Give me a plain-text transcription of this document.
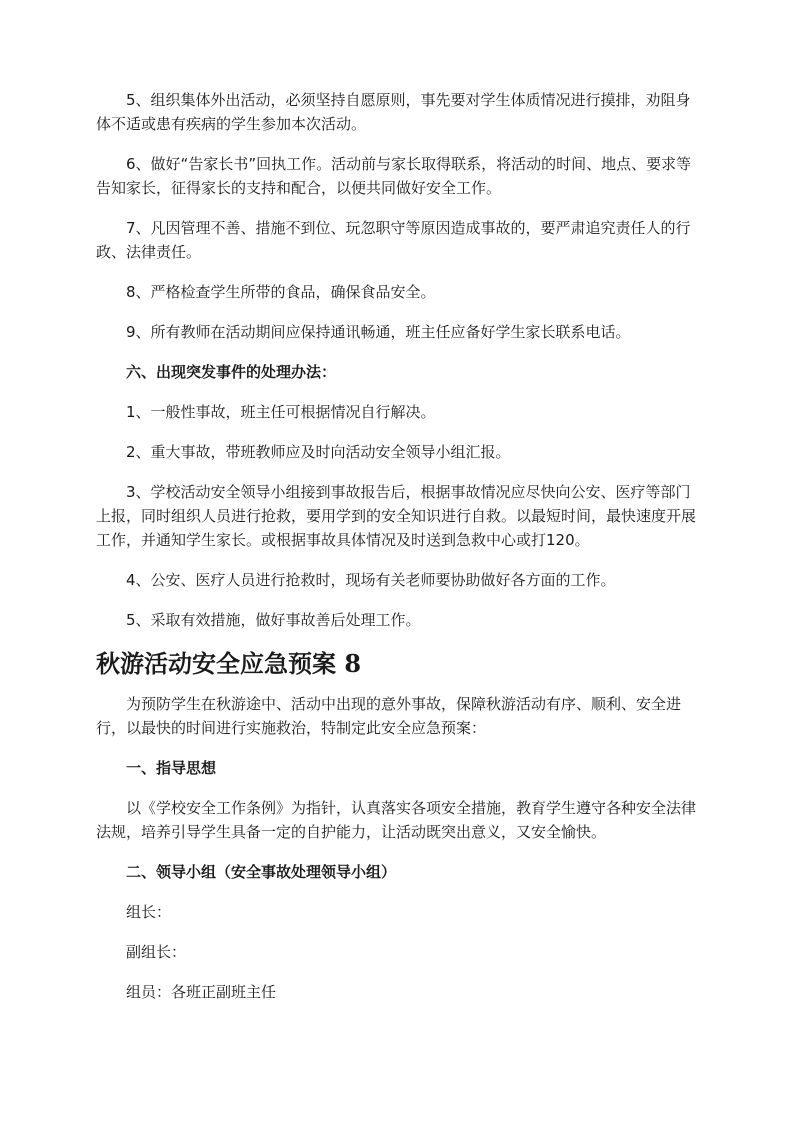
5、组织集体外出活动，必须坚持自愿原则，事先要对学生体质情况进行摸排，劝阻身体不适或患有疾病的学生参加本次活动。

6、做好“告家长书”回执工作。活动前与家长取得联系，将活动的时间、地点、要求等告知家长，征得家长的支持和配合，以便共同做好安全工作。

7、凡因管理不善、措施不到位、玩忽职守等原因造成事故的，要严肃追究责任人的行政、法律责任。

8、严格检查学生所带的食品，确保食品安全。

9、所有教师在活动期间应保持通讯畅通，班主任应备好学生家长联系电话。

六、出现突发事件的处理办法：

1、一般性事故，班主任可根据情况自行解决。

2、重大事故，带班教师应及时向活动安全领导小组汇报。

3、学校活动安全领导小组接到事故报告后，根据事故情况应尽快向公安、医疗等部门上报，同时组织人员进行抢救，要用学到的安全知识进行自救。以最短时间，最快速度开展工作，并通知学生家长。或根据事故具体情况及时送到急救中心或打120。

4、公安、医疗人员进行抢救时，现场有关老师要协助做好各方面的工作。

5、采取有效措施，做好事故善后处理工作。

秋游活动安全应急预案 8

为预防学生在秋游途中、活动中出现的意外事故，保障秋游活动有序、顺利、安全进行，以最快的时间进行实施救治，特制定此安全应急预案：

一、指导思想

以《学校安全工作条例》为指针，认真落实各项安全措施，教育学生遵守各种安全法律法规，培养引导学生具备一定的自护能力，让活动既突出意义，又安全愉快。

二、领导小组（安全事故处理领导小组）

组长：

副组长：

组员：各班正副班主任
